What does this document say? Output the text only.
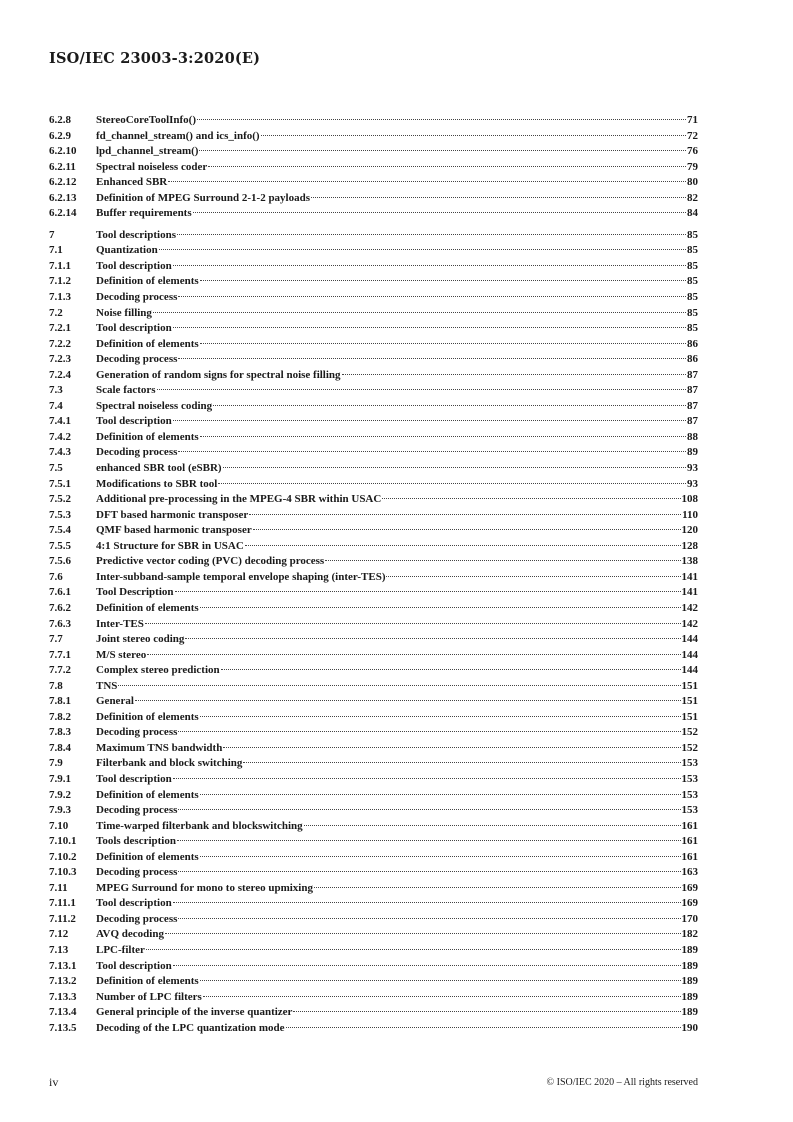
ISO/IEC 23003-3:2020(E)
6.2.8	StereoCoreToolInfo()	71
6.2.9	fd_channel_stream() and ics_info()	72
6.2.10	lpd_channel_stream()	76
6.2.11	Spectral noiseless coder	79
6.2.12	Enhanced SBR	80
6.2.13	Definition of MPEG Surround 2-1-2 payloads	82
6.2.14	Buffer requirements	84
7	Tool descriptions	85
7.1	Quantization	85
7.1.1	Tool description	85
7.1.2	Definition of elements	85
7.1.3	Decoding process	85
7.2	Noise filling	85
7.2.1	Tool description	85
7.2.2	Definition of elements	86
7.2.3	Decoding process	86
7.2.4	Generation of random signs for spectral noise filling	87
7.3	Scale factors	87
7.4	Spectral noiseless coding	87
7.4.1	Tool description	87
7.4.2	Definition of elements	88
7.4.3	Decoding process	89
7.5	enhanced SBR tool (eSBR)	93
7.5.1	Modifications to SBR tool	93
7.5.2	Additional pre-processing in the MPEG-4 SBR within USAC	108
7.5.3	DFT based harmonic transposer	110
7.5.4	QMF based harmonic transposer	120
7.5.5	4:1 Structure for SBR in USAC	128
7.5.6	Predictive vector coding (PVC) decoding process	138
7.6	Inter-subband-sample temporal envelope shaping (inter-TES)	141
7.6.1	Tool Description	141
7.6.2	Definition of elements	142
7.6.3	Inter-TES	142
7.7	Joint stereo coding	144
7.7.1	M/S stereo	144
7.7.2	Complex stereo prediction	144
7.8	TNS	151
7.8.1	General	151
7.8.2	Definition of elements	151
7.8.3	Decoding process	152
7.8.4	Maximum TNS bandwidth	152
7.9	Filterbank and block switching	153
7.9.1	Tool description	153
7.9.2	Definition of elements	153
7.9.3	Decoding process	153
7.10	Time-warped filterbank and blockswitching	161
7.10.1	Tools description	161
7.10.2	Definition of elements	161
7.10.3	Decoding process	163
7.11	MPEG Surround for mono to stereo upmixing	169
7.11.1	Tool description	169
7.11.2	Decoding process	170
7.12	AVQ decoding	182
7.13	LPC-filter	189
7.13.1	Tool description	189
7.13.2	Definition of elements	189
7.13.3	Number of LPC filters	189
7.13.4	General principle of the inverse quantizer	189
7.13.5	Decoding of the LPC quantization mode	190
iv	© ISO/IEC 2020 – All rights reserved
